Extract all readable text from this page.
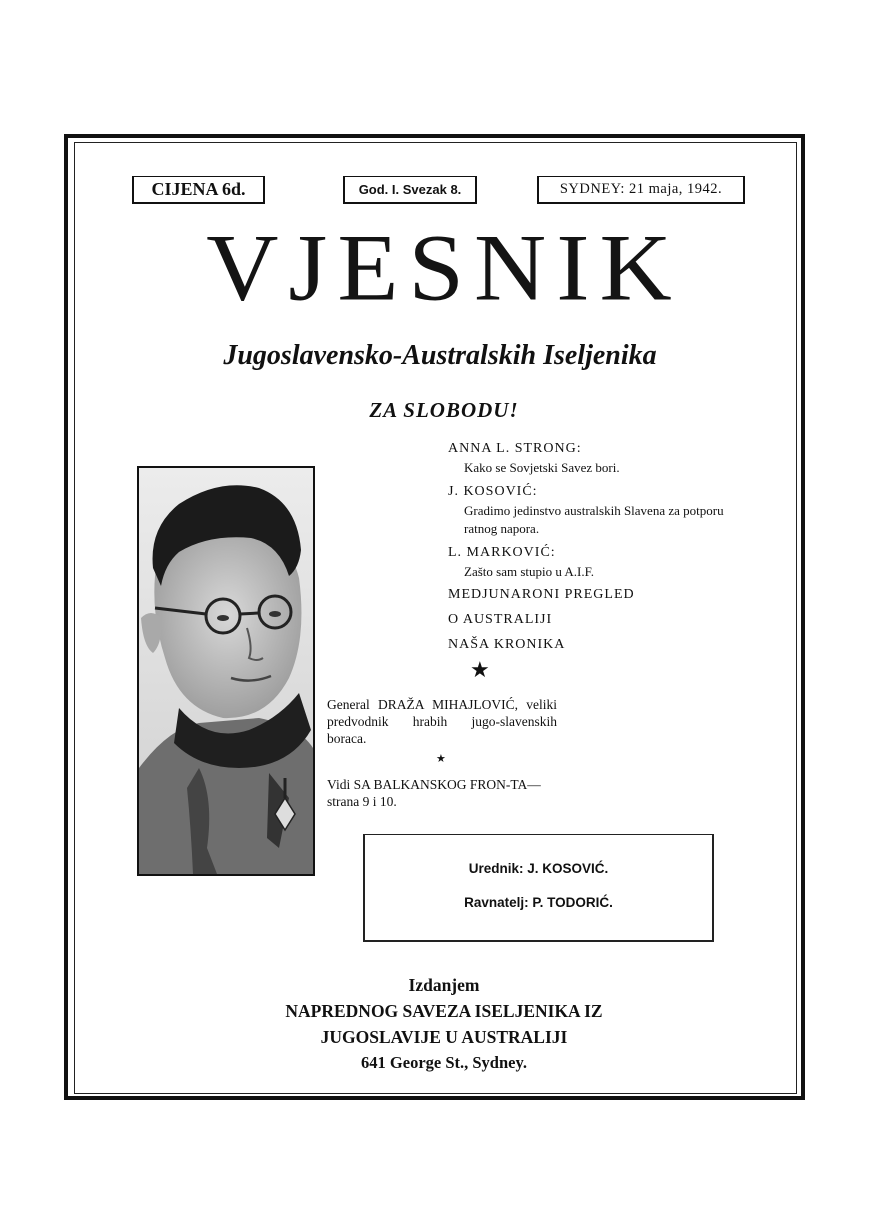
CIJENA 6d.	God. I. Svezak 8.	SYDNEY: 21 maja, 1942.
VJESNIK
Jugoslavensko-Australskih Iseljenika
ZA SLOBODU!
ANNA L. STRONG:
Kako se Sovjetski Savez bori.
J. KOSOVIĆ:
Gradimo jedinstvo australskih Slavena za potporu ratnog napora.
L. MARKOVIĆ:
Zašto sam stupio u A.I.F.
MEDJUNARONI PREGLED
O AUSTRALIJI
NAŠA KRONIKA
★
General DRAŽA MIHAJLOVIĆ, veliki predvodnik hrabih jugo-slavenskih boraca.
★
Vidi SA BALKANSKOG FRON-TA—strana 9 i 10.
Urednik: J. KOSOVIĆ.
Ravnatelj: P. TODORIĆ.
Izdanjem
NAPREDNOG SAVEZA ISELJENIKA IZ
JUGOSLAVIJE U AUSTRALIJI
641 George St., Sydney.
